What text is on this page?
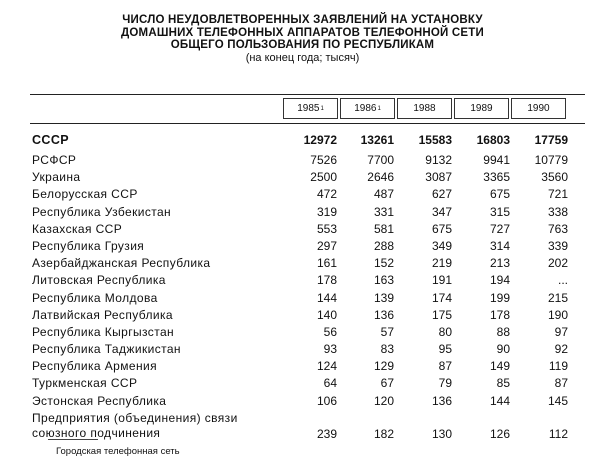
ЧИСЛО НЕУДОВЛЕТВОРЕННЫХ ЗАЯВЛЕНИЙ НА УСТАНОВКУ
ДОМАШНИХ ТЕЛЕФОННЫХ АППАРАТОВ ТЕЛЕФОННОЙ СЕТИ
ОБЩЕГО ПОЛЬЗОВАНИЯ ПО РЕСПУБЛИКАМ
(на конец года; тысяч)
1985 1	1986 1	1988	1989	1990
СССР	12972	13261	15583	16803	17759
РСФСР	7526	7700	9132	9941	10779
Украина	2500	2646	3087	3365	3560
Белорусская ССР	472	487	627	675	721
Республика Узбекистан	319	331	347	315	338
Казахская ССР	553	581	675	727	763
Республика Грузия	297	288	349	314	339
Азербайджанская Республика	161	152	219	213	202
Литовская Республика	178	163	191	194	...
Республика Молдова	144	139	174	199	215
Латвийская Республика	140	136	175	178	190
Республика Кыргызстан	56	57	80	88	97
Республика Таджикистан	93	83	95	90	92
Республика Армения	124	129	87	149	119
Туркменская ССР	64	67	79	85	87
Эстонская Республика	106	120	136	144	145
Предприятия (объединения) связи союзного подчинения	239	182	130	126	112
Городская телефонная сеть
